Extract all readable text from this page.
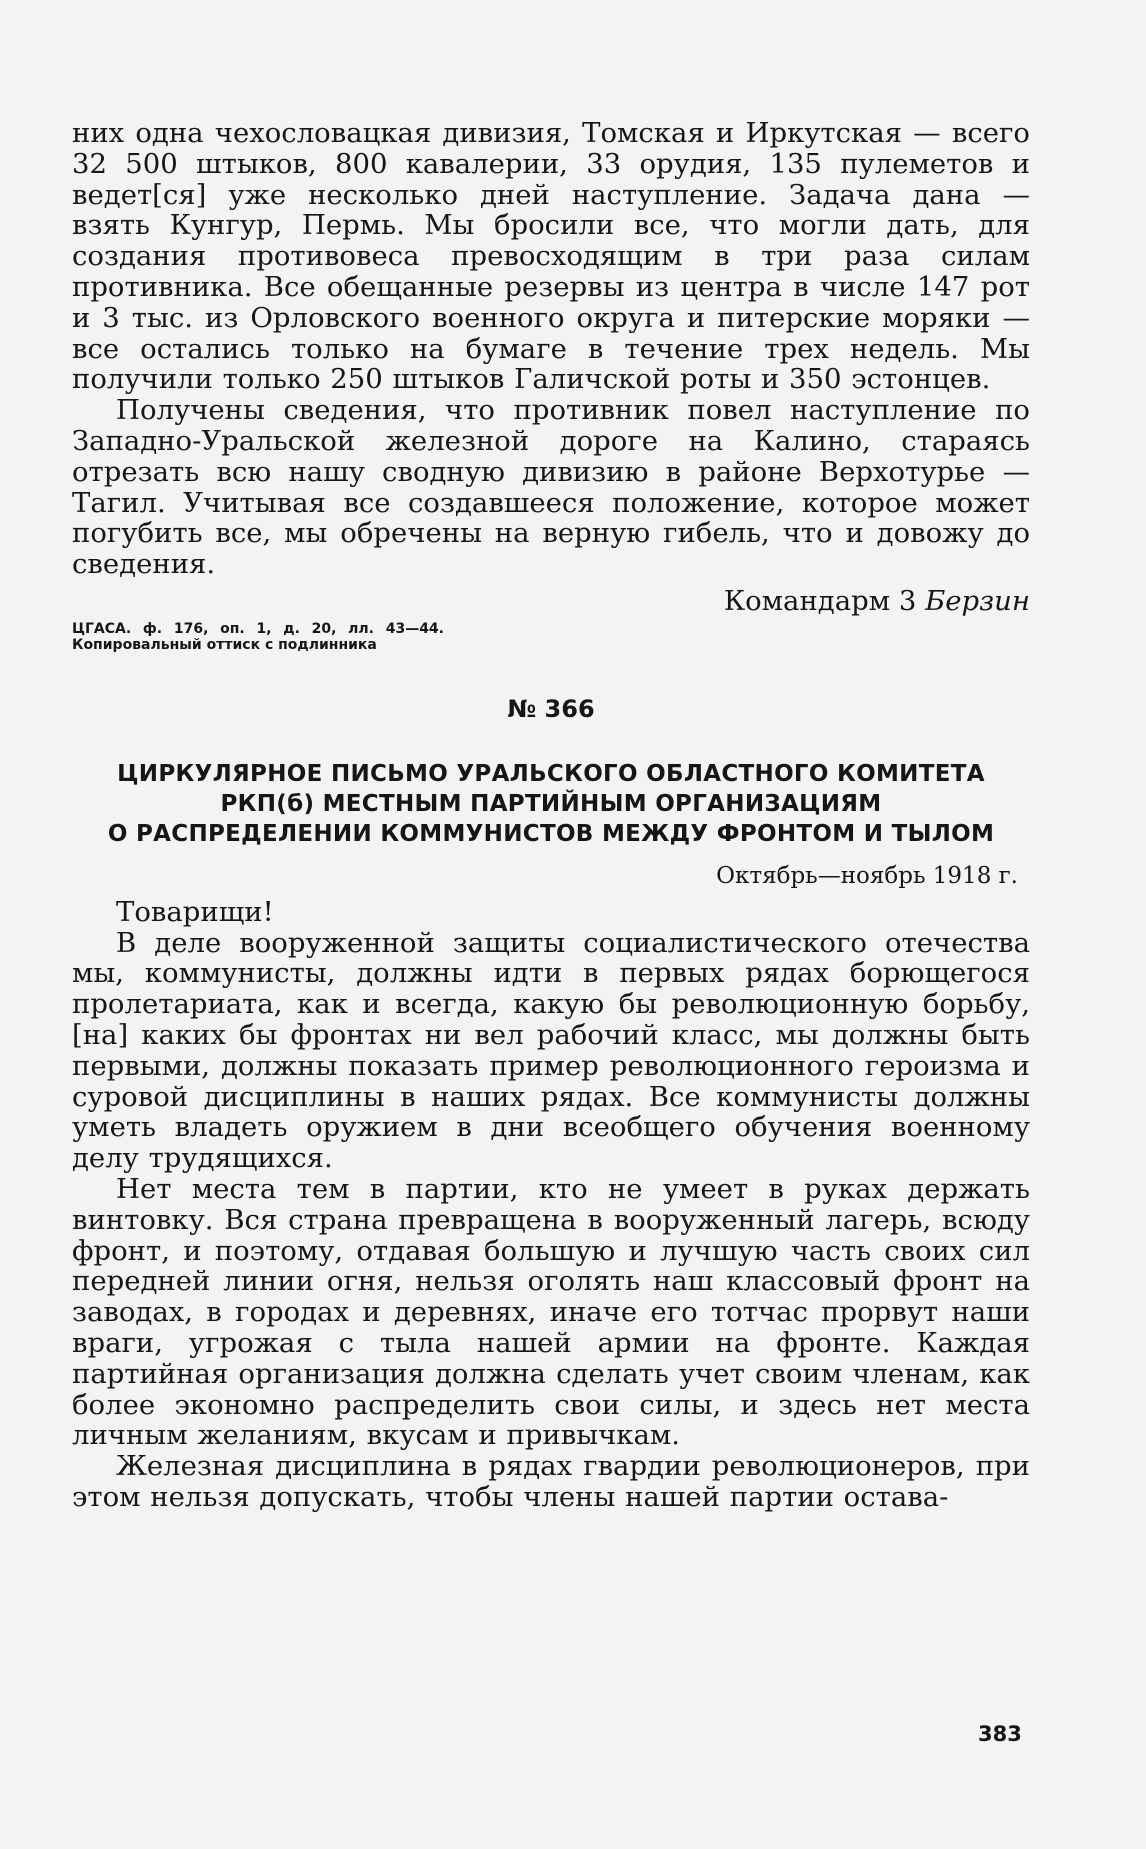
них одна чехословацкая дивизия, Томская и Иркутская — всего 32 500 штыков, 800 кавалерии, 33 орудия, 135 пулеметов и ведет[ся] уже несколько дней наступление. Задача дана — взять Кунгур, Пермь. Мы бросили все, что могли дать, для создания противовеса превосходящим в три раза силам противника. Все обещанные резервы из центра в числе 147 рот и 3 тыс. из Орловского военного округа и питерские моряки — все остались только на бумаге в течение трех недель. Мы получили только 250 штыков Галичской роты и 350 эстонцев.

Получены сведения, что противник повел наступление по Западно-Уральской железной дороге на Калино, стараясь отрезать всю нашу сводную дивизию в районе Верхотурье — Тагил. Учитывая все создавшееся положение, которое может погубить все, мы обречены на верную гибель, что и довожу до сведения.

Командарм 3 Берзин

ЦГАСА. ф. 176, оп. 1, д. 20, лл. 43—44. Копировальный оттиск с подлинника

№ 366
ЦИРКУЛЯРНОЕ ПИСЬМО УРАЛЬСКОГО ОБЛАСТНОГО КОМИТЕТА
РКП(б) МЕСТНЫМ ПАРТИЙНЫМ ОРГАНИЗАЦИЯМ
О РАСПРЕДЕЛЕНИИ КОММУНИСТОВ МЕЖДУ ФРОНТОМ И ТЫЛОМ
Октябрь—ноябрь 1918 г.

Товарищи!

В деле вооруженной защиты социалистического отечества мы, коммунисты, должны идти в первых рядах борющегося пролетариата, как и всегда, какую бы революционную борьбу, [на] каких бы фронтах ни вел рабочий класс, мы должны быть первыми, должны показать пример революционного героизма и суровой дисциплины в наших рядах. Все коммунисты должны уметь владеть оружием в дни всеобщего обучения военному делу трудящихся.

Нет места тем в партии, кто не умеет в руках держать винтовку. Вся страна превращена в вооруженный лагерь, всюду фронт, и поэтому, отдавая большую и лучшую часть своих сил передней линии огня, нельзя оголять наш классовый фронт на заводах, в городах и деревнях, иначе его тотчас прорвут наши враги, угрожая с тыла нашей армии на фронте. Каждая партийная организация должна сделать учет своим членам, как более экономно распределить свои силы, и здесь нет места личным желаниям, вкусам и привычкам.

Железная дисциплина в рядах гвардии революционеров, при этом нельзя допускать, чтобы члены нашей партии остава-

383
